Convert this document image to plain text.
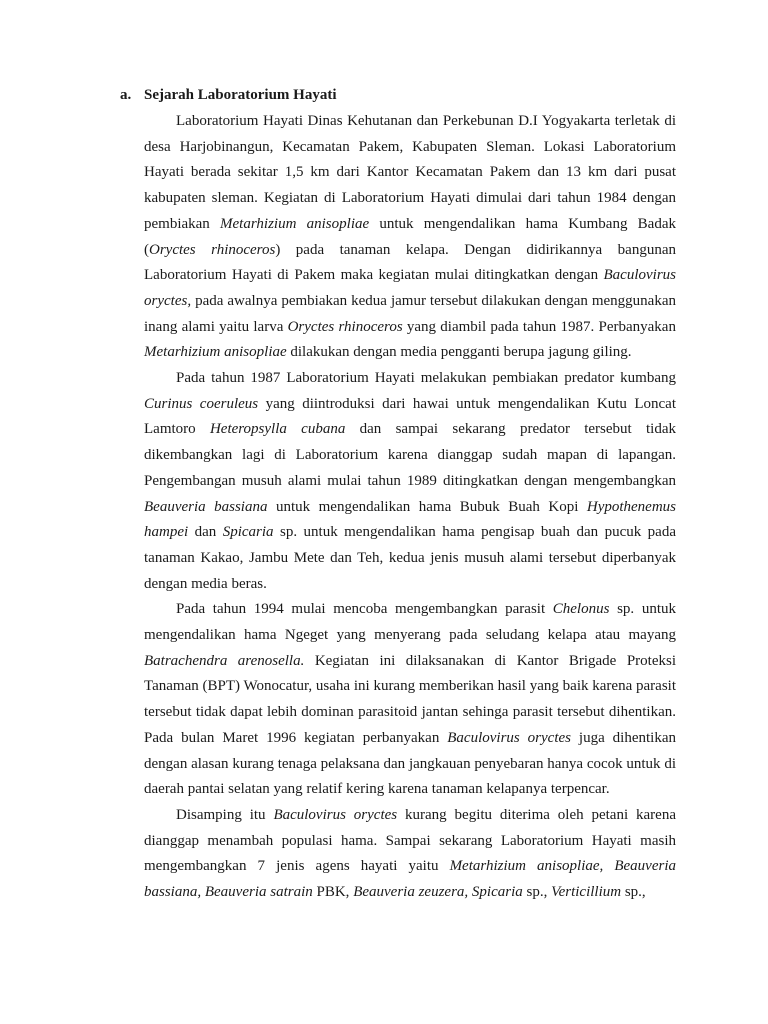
a. Sejarah Laboratorium Hayati

Laboratorium Hayati Dinas Kehutanan dan Perkebunan D.I Yogyakarta terletak di desa Harjobinangun, Kecamatan Pakem, Kabupaten Sleman. Lokasi Laboratorium Hayati berada sekitar 1,5 km dari Kantor Kecamatan Pakem dan 13 km dari pusat kabupaten sleman. Kegiatan di Laboratorium Hayati dimulai dari tahun 1984 dengan pembiakan Metarhizium anisopliae untuk mengendalikan hama Kumbang Badak (Oryctes rhinoceros) pada tanaman kelapa. Dengan didirikannya bangunan Laboratorium Hayati di Pakem maka kegiatan mulai ditingkatkan dengan Baculovirus oryctes, pada awalnya pembiakan kedua jamur tersebut dilakukan dengan menggunakan inang alami yaitu larva Oryctes rhinoceros yang diambil pada tahun 1987. Perbanyakan Metarhizium anisopliae dilakukan dengan media pengganti berupa jagung giling.

Pada tahun 1987 Laboratorium Hayati melakukan pembiakan predator kumbang Curinus coeruleus yang diintroduksi dari hawai untuk mengendalikan Kutu Loncat Lamtoro Heteropsylla cubana dan sampai sekarang predator tersebut tidak dikembangkan lagi di Laboratorium karena dianggap sudah mapan di lapangan. Pengembangan musuh alami mulai tahun 1989 ditingkatkan dengan mengembangkan Beauveria bassiana untuk mengendalikan hama Bubuk Buah Kopi Hypothenemus hampei dan Spicaria sp. untuk mengendalikan hama pengisap buah dan pucuk pada tanaman Kakao, Jambu Mete dan Teh, kedua jenis musuh alami tersebut diperbanyak dengan media beras.

Pada tahun 1994 mulai mencoba mengembangkan parasit Chelonus sp. untuk mengendalikan hama Ngeget yang menyerang pada seludang kelapa atau mayang Batrachendra arenosella. Kegiatan ini dilaksanakan di Kantor Brigade Proteksi Tanaman (BPT) Wonocatur, usaha ini kurang memberikan hasil yang baik karena parasit tersebut tidak dapat lebih dominan parasitoid jantan sehinga parasit tersebut dihentikan. Pada bulan Maret 1996 kegiatan perbanyakan Baculovirus oryctes juga dihentikan dengan alasan kurang tenaga pelaksana dan jangkauan penyebaran hanya cocok untuk di daerah pantai selatan yang relatif kering karena tanaman kelapanya terpencar.

Disamping itu Baculovirus oryctes kurang begitu diterima oleh petani karena dianggap menambah populasi hama. Sampai sekarang Laboratorium Hayati masih mengembangkan 7 jenis agens hayati yaitu Metarhizium anisopliae, Beauveria bassiana, Beauveria satrain PBK, Beauveria zeuzera, Spicaria sp., Verticillium sp.,
